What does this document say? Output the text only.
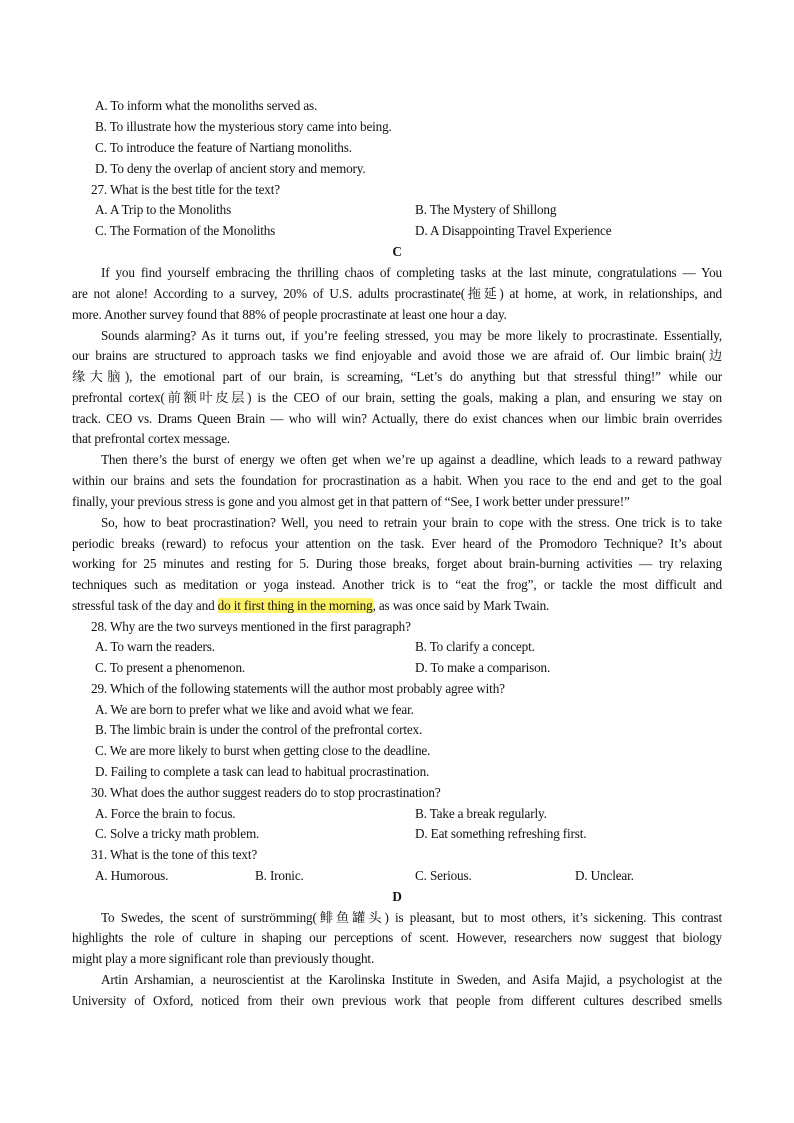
A. To inform what the monoliths served as.
B. To illustrate how the mysterious story came into being.
C. To introduce the feature of Nartiang monoliths.
D. To deny the overlap of ancient story and memory.
27. What is the best title for the text?
A. A Trip to the Monoliths	B. The Mystery of Shillong
C. The Formation of the Monoliths	D. A Disappointing Travel Experience
C
If you find yourself embracing the thrilling chaos of completing tasks at the last minute, congratulations — You
are not alone! According to a survey, 20% of U.S. adults procrastinate(拖延) at home, at work, in relationships, and
more. Another survey found that 88% of people procrastinate at least one hour a day.
Sounds alarming? As it turns out, if you’re feeling stressed, you may be more likely to procrastinate. Essentially,
our brains are structured to approach tasks we find enjoyable and avoid those we are afraid of. Our limbic brain(边
缘大脑), the emotional part of our brain, is screaming, “Let’s do anything but that stressful thing!” while our
prefrontal cortex(前额叶皮层) is the CEO of our brain, setting the goals, making a plan, and ensuring we stay on
track. CEO vs. Drams Queen Brain — who will win? Actually, there do exist chances when our limbic brain overrides
that prefrontal cortex message.
Then there’s the burst of energy we often get when we’re up against a deadline, which leads to a reward pathway
within our brains and sets the foundation for procrastination as a habit. When you race to the end and get to the goal
finally, your previous stress is gone and you almost get in that pattern of “See, I work better under pressure!”
So, how to beat procrastination? Well, you need to retrain your brain to cope with the stress. One trick is to take
periodic breaks (reward) to refocus your attention on the task. Ever heard of the Promodoro Technique? It’s about
working for 25 minutes and resting for 5. During those breaks, forget about brain-burning activities — try relaxing
techniques such as meditation or yoga instead. Another trick is to “eat the frog”, or tackle the most difficult and
stressful task of the day and do it first thing in the morning, as was once said by Mark Twain.
28. Why are the two surveys mentioned in the first paragraph?
A. To warn the readers.	B. To clarify a concept.
C. To present a phenomenon.	D. To make a comparison.
29. Which of the following statements will the author most probably agree with?
A. We are born to prefer what we like and avoid what we fear.
B. The limbic brain is under the control of the prefrontal cortex.
C. We are more likely to burst when getting close to the deadline.
D. Failing to complete a task can lead to habitual procrastination.
30. What does the author suggest readers do to stop procrastination?
A. Force the brain to focus.	B. Take a break regularly.
C. Solve a tricky math problem.	D. Eat something refreshing first.
31. What is the tone of this text?
A. Humorous.	B. Ironic.	C. Serious.	D. Unclear.
D
To Swedes, the scent of surströmming(鲱鱼罐头) is pleasant, but to most others, it’s sickening. This contrast
highlights the role of culture in shaping our perceptions of scent. However, researchers now suggest that biology
might play a more significant role than previously thought.
Artin Arshamian, a neuroscientist at the Karolinska Institute in Sweden, and Asifa Majid, a psychologist at the
University of Oxford, noticed from their own previous work that people from different cultures described smells
